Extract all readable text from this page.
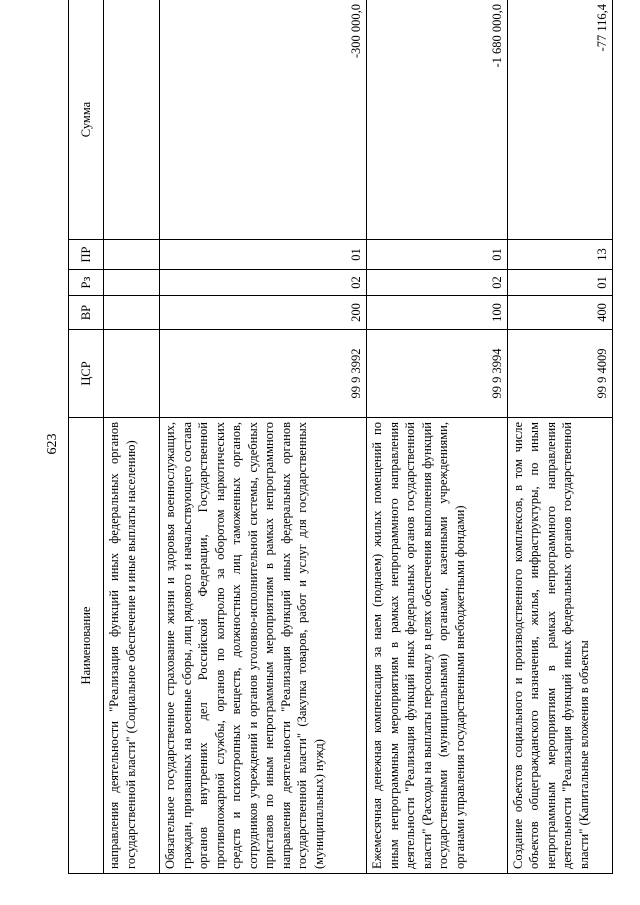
623
Наименование	ЦСР	ВР	Рз	ПР	Сумма
направления деятельности "Реализация функций иных федеральных органов государственной власти" (Социальное обеспечение и иные выплаты населению)					
Обязательное государственное страхование жизни и здоровья военнослужащих, граждан, призванных на военные сборы, лиц рядового и начальствующего состава органов внутренних дел Российской Федерации, Государственной противопожарной службы, органов по контролю за оборотом наркотических средств и психотропных веществ, должностных лиц таможенных органов, сотрудников учреждений и органов уголовно-исполнительной системы, судебных приставов по иным непрограммным мероприятиям в рамках непрограммного направления деятельности "Реализация функций иных федеральных органов государственной власти" (Закупка товаров, работ и услуг для государственных (муниципальных) нужд)	99 9 3992	200	02	01	-300 000,0
Ежемесячная денежная компенсация за наем (поднаем) жилых помещений по иным непрограммным мероприятиям в рамках непрограммного направления деятельности "Реализация функций иных федеральных органов государственной власти" (Расходы на выплаты персоналу в целях обеспечения выполнения функций государственными (муниципальными) органами, казенными учреждениями, органами управления государственными внебюджетными фондами)	99 9 3994	100	02	01	-1 680 000,0
Создание объектов социального и производственного комплексов, в том числе объектов общегражданского назначения, жилья, инфраструктуры, по иным непрограммным мероприятиям в рамках непрограммного направления деятельности "Реализация функций иных федеральных органов государственной власти" (Капитальные вложения в объекты	99 9 4009	400	01	13	-77 116,4
